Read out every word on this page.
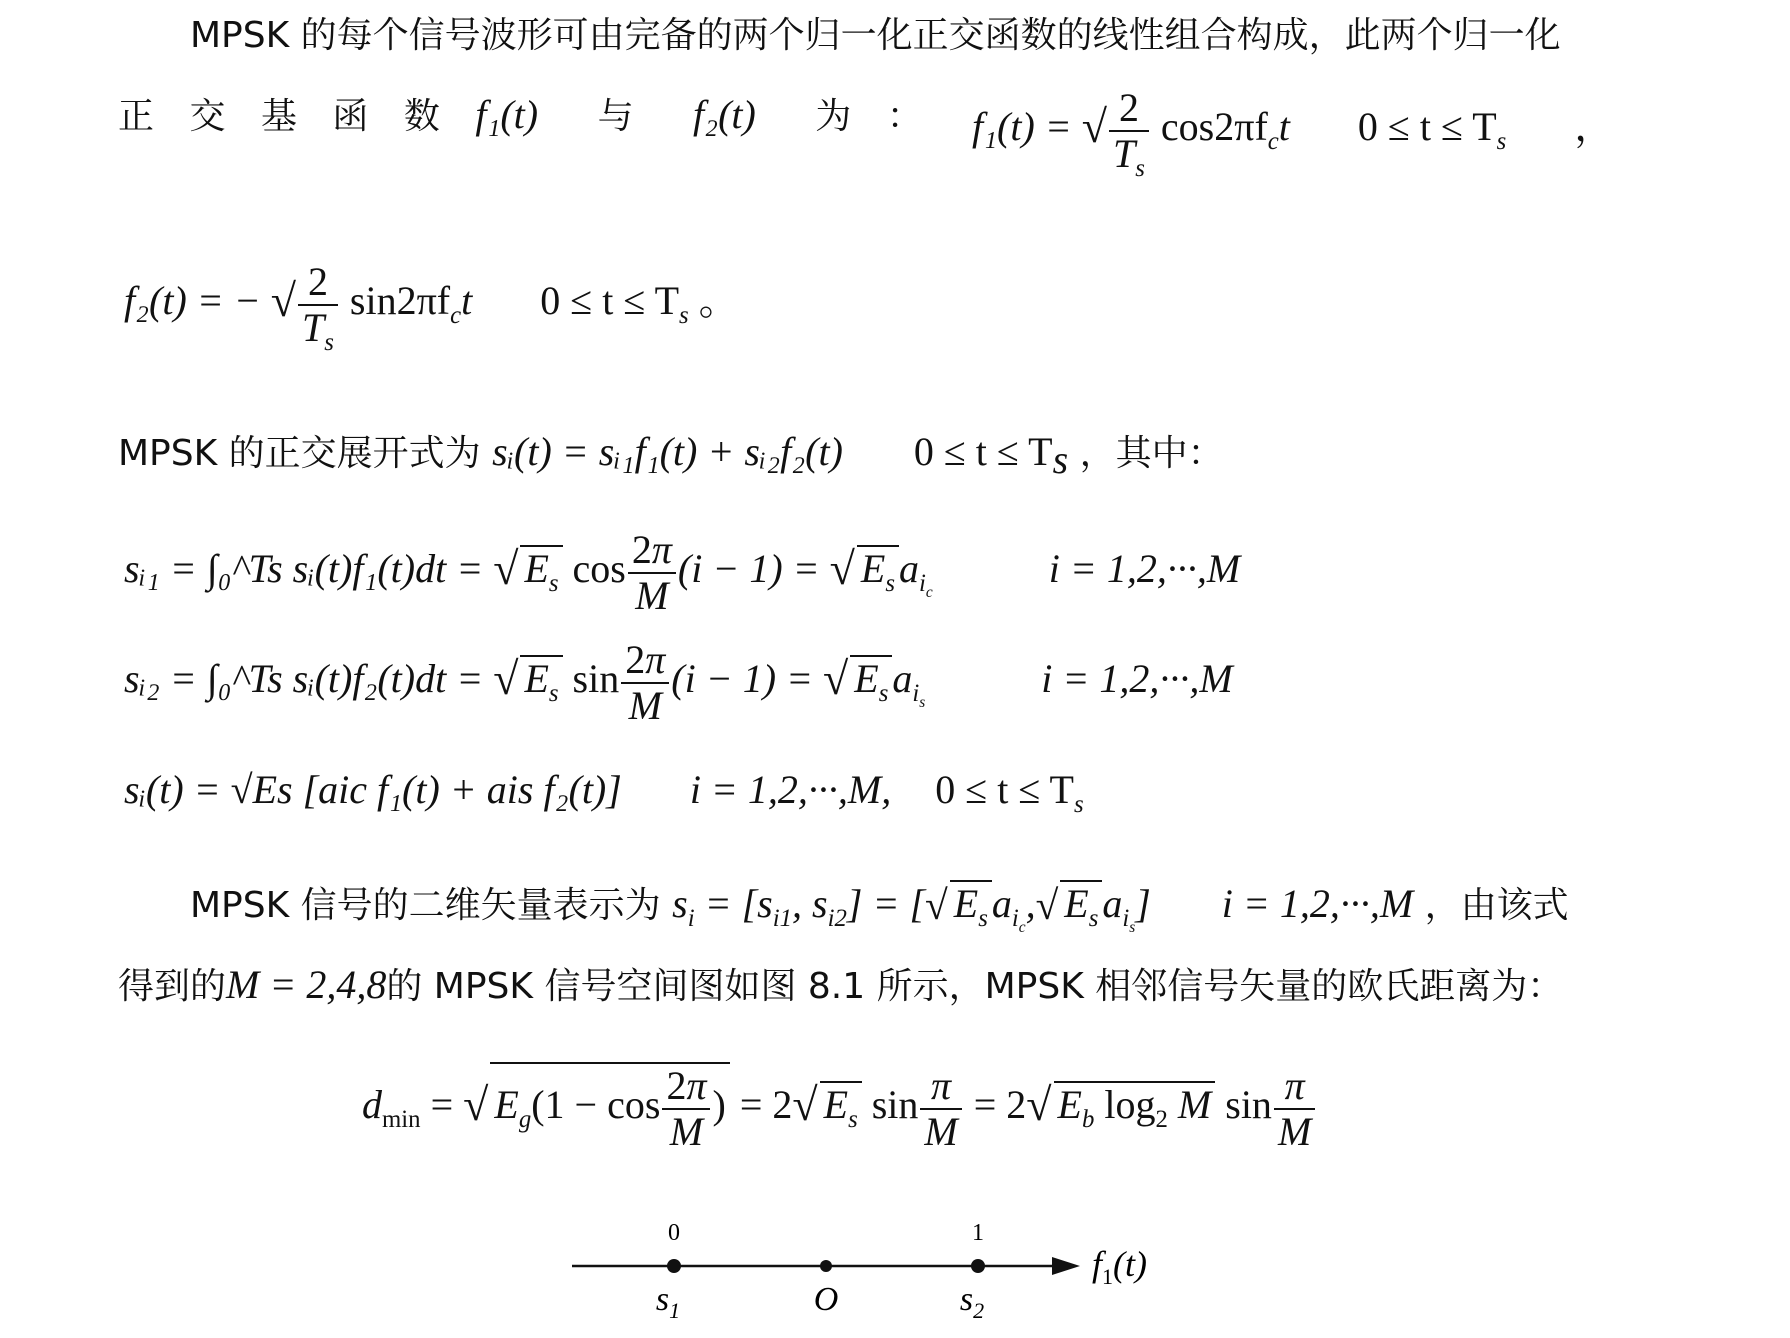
MPSK 的每个信号波形可由完备的两个归一化正交函数的线性组合构成，此两个归一化
正 交 基 函 数 f₁(t) 与 f₂(t) 为 ： f₁(t) = √ $\frac{2}{T_s} \cos 2\pi f_ct$ $0 \le t \le T_s$ ，
f₂(t) = − √ $\frac{2}{T_s} \sin 2\pi f_ct$ $0 \le t \le T_s$ 。
MPSK 的正交展开式为 sᵢ(t) = sᵢ₁f₁(t) + sᵢ₂f₂(t) $0 \le t \le T_s$ ，其中：
sᵢ₁ = ∫₀^Ts sᵢ(t)f₁(t)dt = √ $E_s$ $\cos \frac{2\pi}{M} (i - 1)$ = √ $E_s$ $a_{i_c}$  i = 1,2,···,M
sᵢ₂ = ∫₀^Ts sᵢ(t)f₂(t)dt = √ $E_s$ $\sin \frac{2\pi}{M} (i - 1)$ = √ $E_s$ $a_{i_s}$  i = 1,2,···,M
sᵢ(t) = √Es [aic f₁(t) + ais f₂(t)] i = 1,2,···,M, $0 \le t \le T_s$
MPSK 信号的二维矢量表示为 $s_i = [s_{i1}$, $s_{i2}$] = [√ $E_s$ $a_{i_c},√$ $E_s$ $a_{i_s}$] i = 1,2,···,M ，由该式
得到的M = 2,4,8的 MPSK 信号空间图如图 8.1 所示，MPSK 相邻信号矢量的欧氏距离为：
$d_{min}$ = √ $E_g(1 - \cos \frac{2\pi}{M}$ ) = 2√ $E_s$ $\sin \frac{\pi}{M} = 2√$ $E_b$ $\log_2 M$ $\sin \frac{\pi}{M}$
0	1
$s_1$	O	$s_2$
$f_1(t)$
